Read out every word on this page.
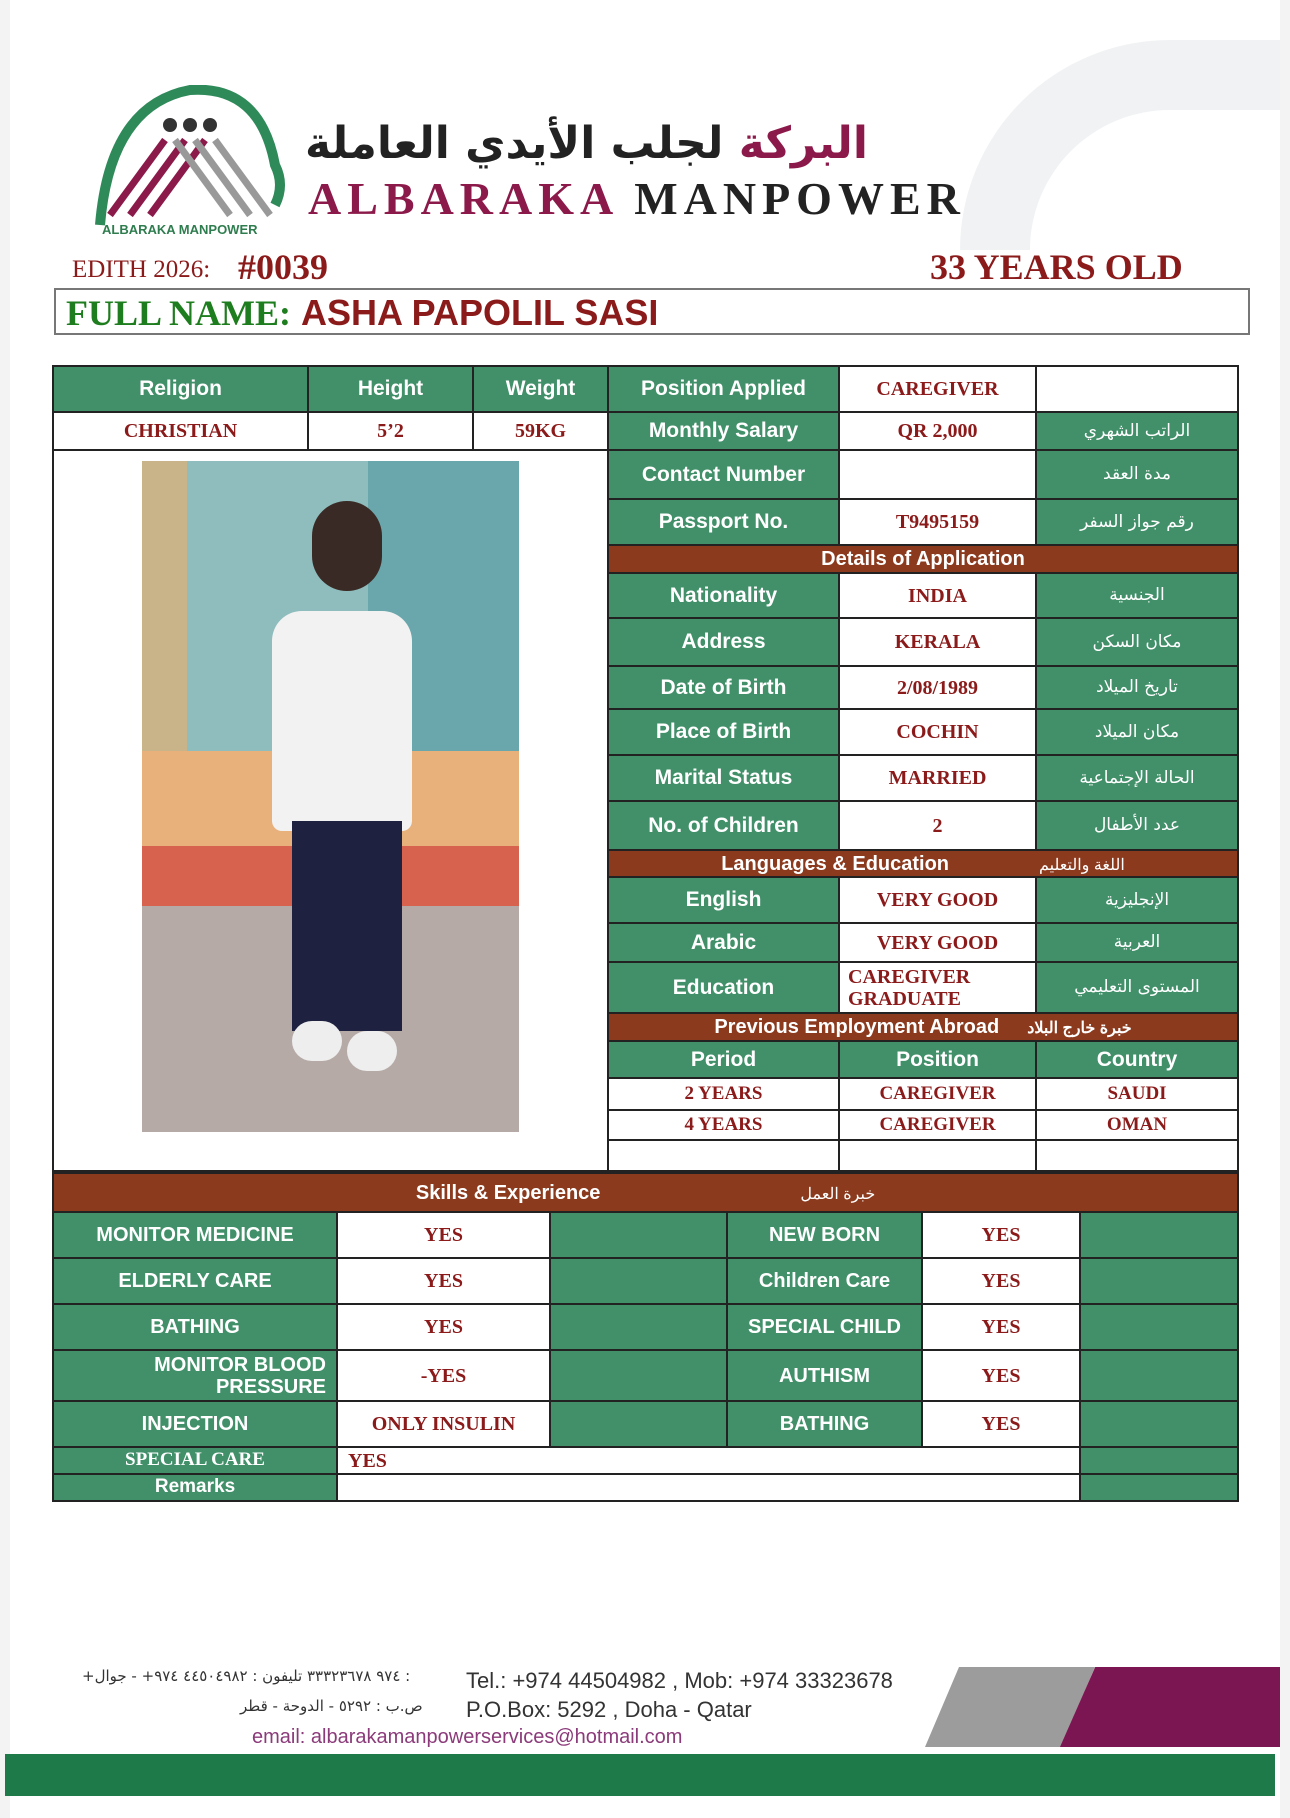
ALBARAKA MANPOWER
البركة لجلب الأيدي العاملة
ALBARAKA MANPOWER
EDITH 2026: #0039	33 YEARS OLD
FULL NAME: ASHA PAPOLIL SASI
Religion	Height	Weight	Position Applied	CAREGIVER	
CHRISTIAN	5’2	59KG	Monthly Salary	QR 2,000	الراتب الشهري

			Contact Number		مدة العقد
			Passport No.	T9495159	رقم جواز السفر
			Details of Application		
			Nationality	INDIA	الجنسية
			Address	KERALA	مكان السكن
			Date of Birth	2/08/1989	تاريخ الميلاد
			Place of Birth	COCHIN	مكان الميلاد
			Marital Status	MARRIED	الحالة الإجتماعية
			No. of Children	2	عدد الأطفال
			Languages & Education اللغة والتعليم		
			English	VERY GOOD	الإنجليزية
			Arabic	VERY GOOD	العربية
			Education	CAREGIVER GRADUATE	المستوى التعليمي
			Previous Employment Abroad خبرة خارج البلاد		
			Period	Position	Country
			2 YEARS	CAREGIVER	SAUDI
			4 YEARS	CAREGIVER	OMAN

Skills & Experience خبرة العمل					
MONITOR MEDICINE	YES		NEW BORN	YES	
ELDERLY CARE	YES		Children Care	YES	
BATHING	YES		SPECIAL CHILD	YES	
MONITOR BLOOD PRESSURE	-YES		AUTHISM	YES	
INJECTION	ONLY INSULIN		BATHING	YES	
SPECIAL CARE	YES				
Remarks					
+٩٧٤ ٣٣٣٢٣٦٧٨ تليفون : ٤٤٥٠٤٩٨٢ ٩٧٤+ - جوال :	Tel.: +974 44504982 , Mob: +974 33323678
ص.ب : ٥٢٩٢ - الدوحة - قطر P.O.Box: 5292 , Doha - Qatar
email: albarakamanpowerservices@hotmail.com
